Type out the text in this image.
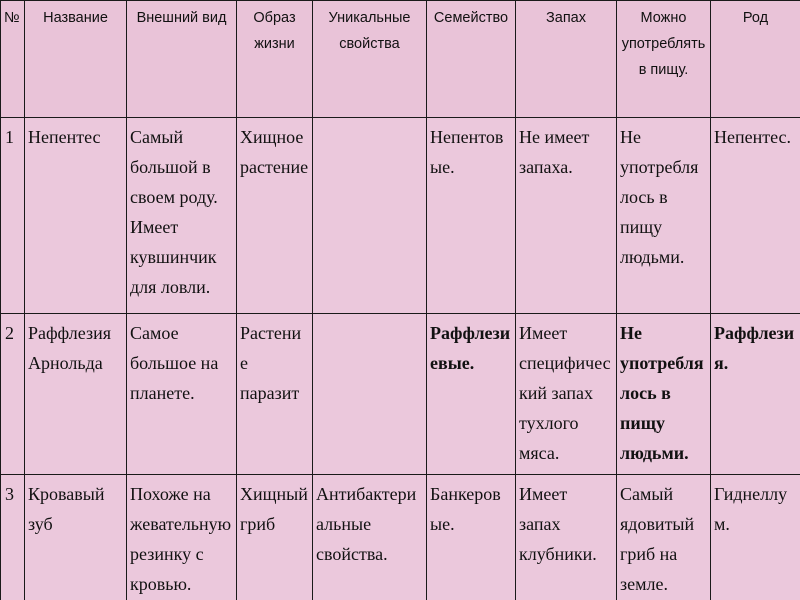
№	Название	Внешний вид	Образ жизни	Уникальные свойства	Семейство	Запах	Можно употреблять в пищу.	Род
1	Непентес	Самый большой в своем роду. Имеет кувшинчик для ловли.	Хищное растение		Непентовые.	Не имеет запаха.	Не употреблялось в пищу людьми.	Непентес.
2	Раффлезия Арнольда	Самое большое на планете.	Растение паразит		Раффлезиевые.	Имеет специфический запах тухлого мяса.	Не употреблялось в пищу людьми.	Раффлезия.
3	Кровавый зуб	Похоже на жевательную резинку с кровью.	Хищный гриб	Антибактериальные свойства.	Банкеровые.	Имеет запах клубники.	Самый ядовитый гриб на земле.	Гиднеллум.
